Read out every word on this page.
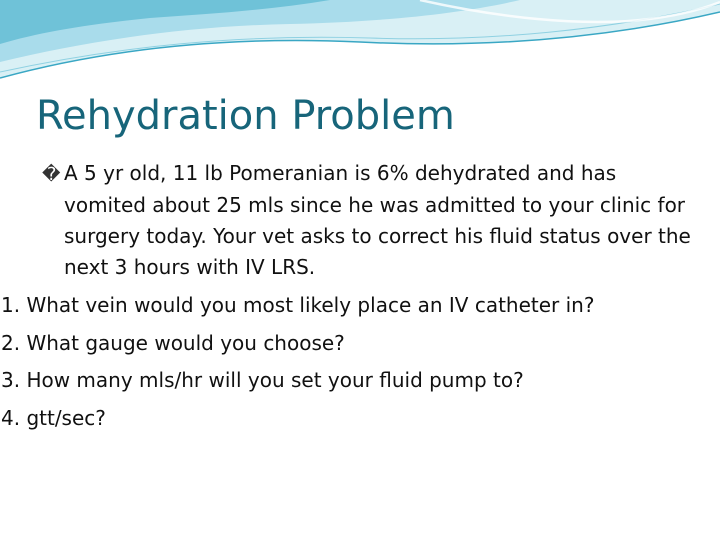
Rehydration Problem

� A 5 yr old, 11 lb Pomeranian is 6% dehydrated and has vomited about 25 mls since he was admitted to your clinic for surgery today. Your vet asks to correct his fluid status over the next 3 hours with IV LRS.

1. What vein would you most likely place an IV catheter in?
2. What gauge would you choose?
3. How many mls/hr will you set your fluid pump to?
4. gtt/sec?
